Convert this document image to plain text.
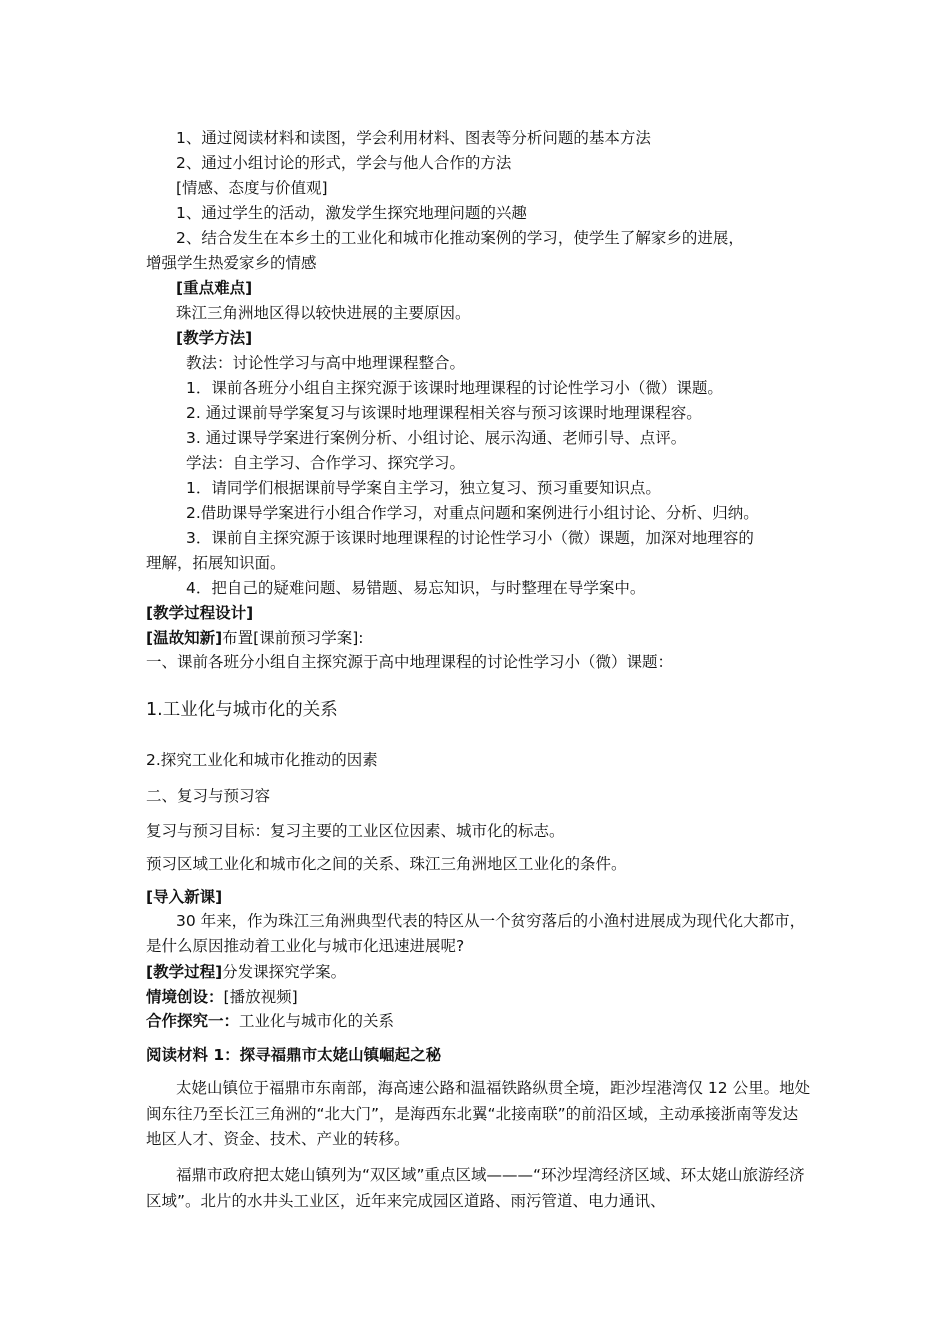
1、通过阅读材料和读图，学会利用材料、图表等分析问题的基本方法
2、通过小组讨论的形式，学会与他人合作的方法
[情感、态度与价值观]
1、通过学生的活动，激发学生探究地理问题的兴趣
2、结合发生在本乡土的工业化和城市化推动案例的学习，使学生了解家乡的进展，
增强学生热爱家乡的情感
[重点难点]
珠江三角洲地区得以较快进展的主要原因。
[教学方法]
教法：讨论性学习与高中地理课程整合。
1．课前各班分小组自主探究源于该课时地理课程的讨论性学习小（微）课题。
2. 通过课前导学案复习与该课时地理课程相关容与预习该课时地理课程容。
3. 通过课导学案进行案例分析、小组讨论、展示沟通、老师引导、点评。
学法：自主学习、合作学习、探究学习。
1．请同学们根据课前导学案自主学习，独立复习、预习重要知识点。
2.借助课导学案进行小组合作学习，对重点问题和案例进行小组讨论、分析、归纳。
3．课前自主探究源于该课时地理课程的讨论性学习小（微）课题，加深对地理容的
理解，拓展知识面。
4．把自己的疑难问题、易错题、易忘知识，与时整理在导学案中。
[教学过程设计]
[温故知新]布置[课前预习学案]:
一、课前各班分小组自主探究源于高中地理课程的讨论性学习小（微）课题：
1.工业化与城市化的关系
2.探究工业化和城市化推动的因素
二、复习与预习容
复习与预习目标：复习主要的工业区位因素、城市化的标志。
预习区域工业化和城市化之间的关系、珠江三角洲地区工业化的条件。
[导入新课]
30 年来，作为珠江三角洲典型代表的特区从一个贫穷落后的小渔村进展成为现代化大都市，是什么原因推动着工业化与城市化迅速进展呢?
[教学过程]分发课探究学案。
情境创设：[播放视频]
合作探究一：工业化与城市化的关系
阅读材料 1：探寻福鼎市太姥山镇崛起之秘
太姥山镇位于福鼎市东南部，海高速公路和温福铁路纵贯全境，距沙埕港湾仅 12 公里。地处闽东往乃至长江三角洲的“北大门”，是海西东北翼“北接南联”的前沿区域，主动承接浙南等发达地区人才、资金、技术、产业的转移。
福鼎市政府把太姥山镇列为“双区域”重点区域———“环沙埕湾经济区域、环太姥山旅游经济区域”。北片的水井头工业区，近年来完成园区道路、雨污管道、电力通讯、
